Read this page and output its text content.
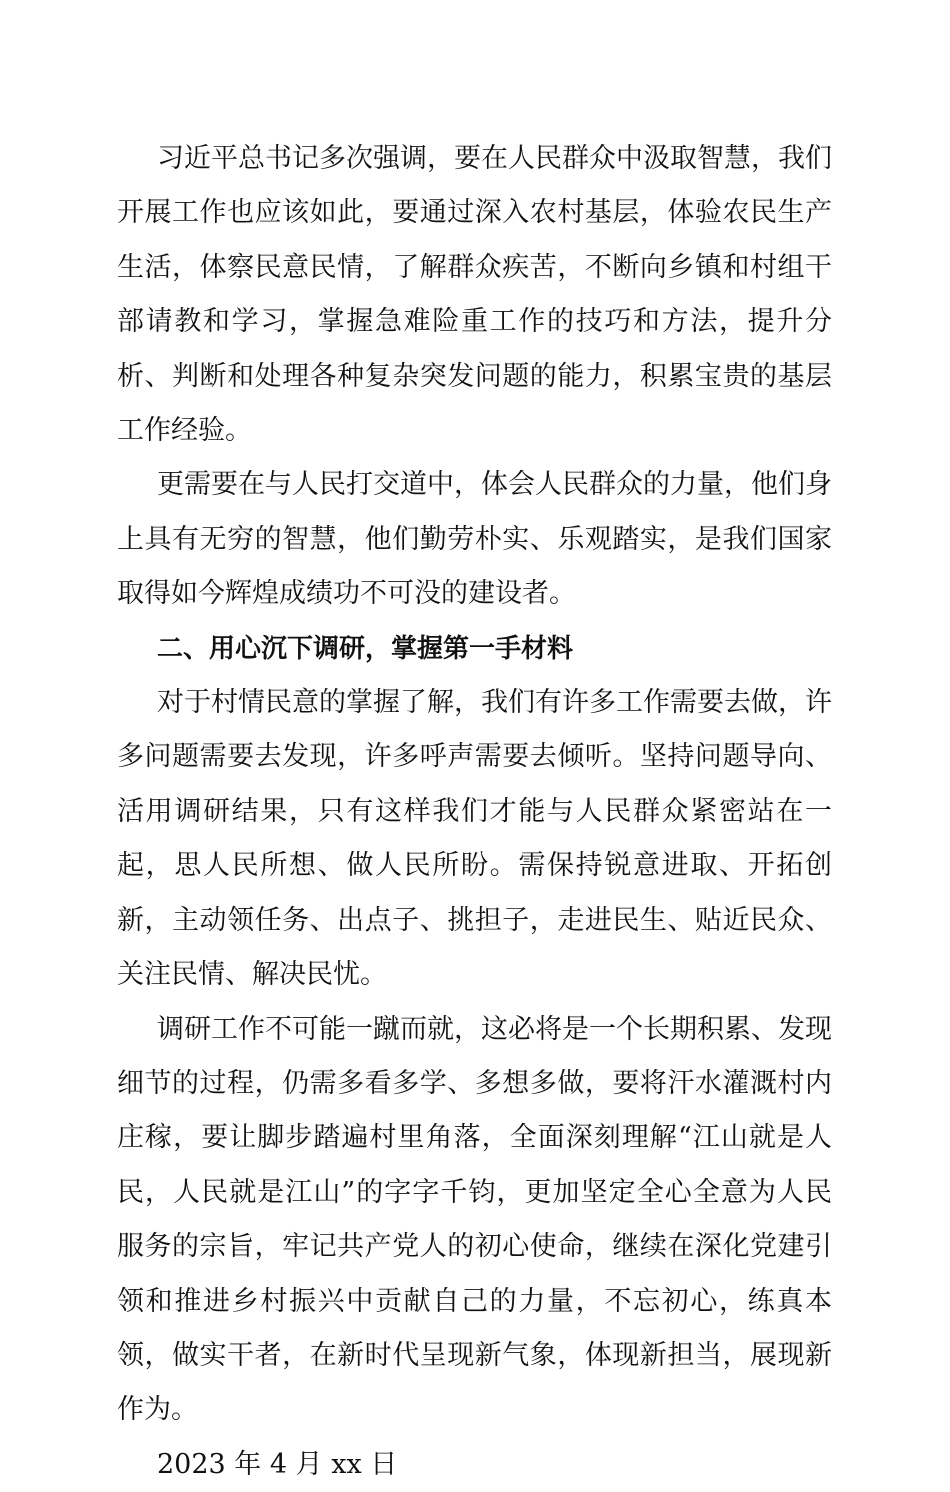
习近平总书记多次强调，要在人民群众中汲取智慧，我们开展工作也应该如此，要通过深入农村基层，体验农民生产生活，体察民意民情，了解群众疾苦，不断向乡镇和村组干部请教和学习，掌握急难险重工作的技巧和方法，提升分析、判断和处理各种复杂突发问题的能力，积累宝贵的基层工作经验。

更需要在与人民打交道中，体会人民群众的力量，他们身上具有无穷的智慧，他们勤劳朴实、乐观踏实，是我们国家取得如今辉煌成绩功不可没的建设者。

二、用心沉下调研，掌握第一手材料

对于村情民意的掌握了解，我们有许多工作需要去做，许多问题需要去发现，许多呼声需要去倾听。坚持问题导向、活用调研结果，只有这样我们才能与人民群众紧密站在一起，思人民所想、做人民所盼。需保持锐意进取、开拓创新，主动领任务、出点子、挑担子，走进民生、贴近民众、关注民情、解决民忧。

调研工作不可能一蹴而就，这必将是一个长期积累、发现细节的过程，仍需多看多学、多想多做，要将汗水灌溉村内庄稼，要让脚步踏遍村里角落，全面深刻理解“江山就是人民，人民就是江山”的字字千钧，更加坚定全心全意为人民服务的宗旨，牢记共产党人的初心使命，继续在深化党建引领和推进乡村振兴中贡献自己的力量，不忘初心，练真本领，做实干者，在新时代呈现新气象，体现新担当，展现新作为。

2023 年 4 月 xx 日
